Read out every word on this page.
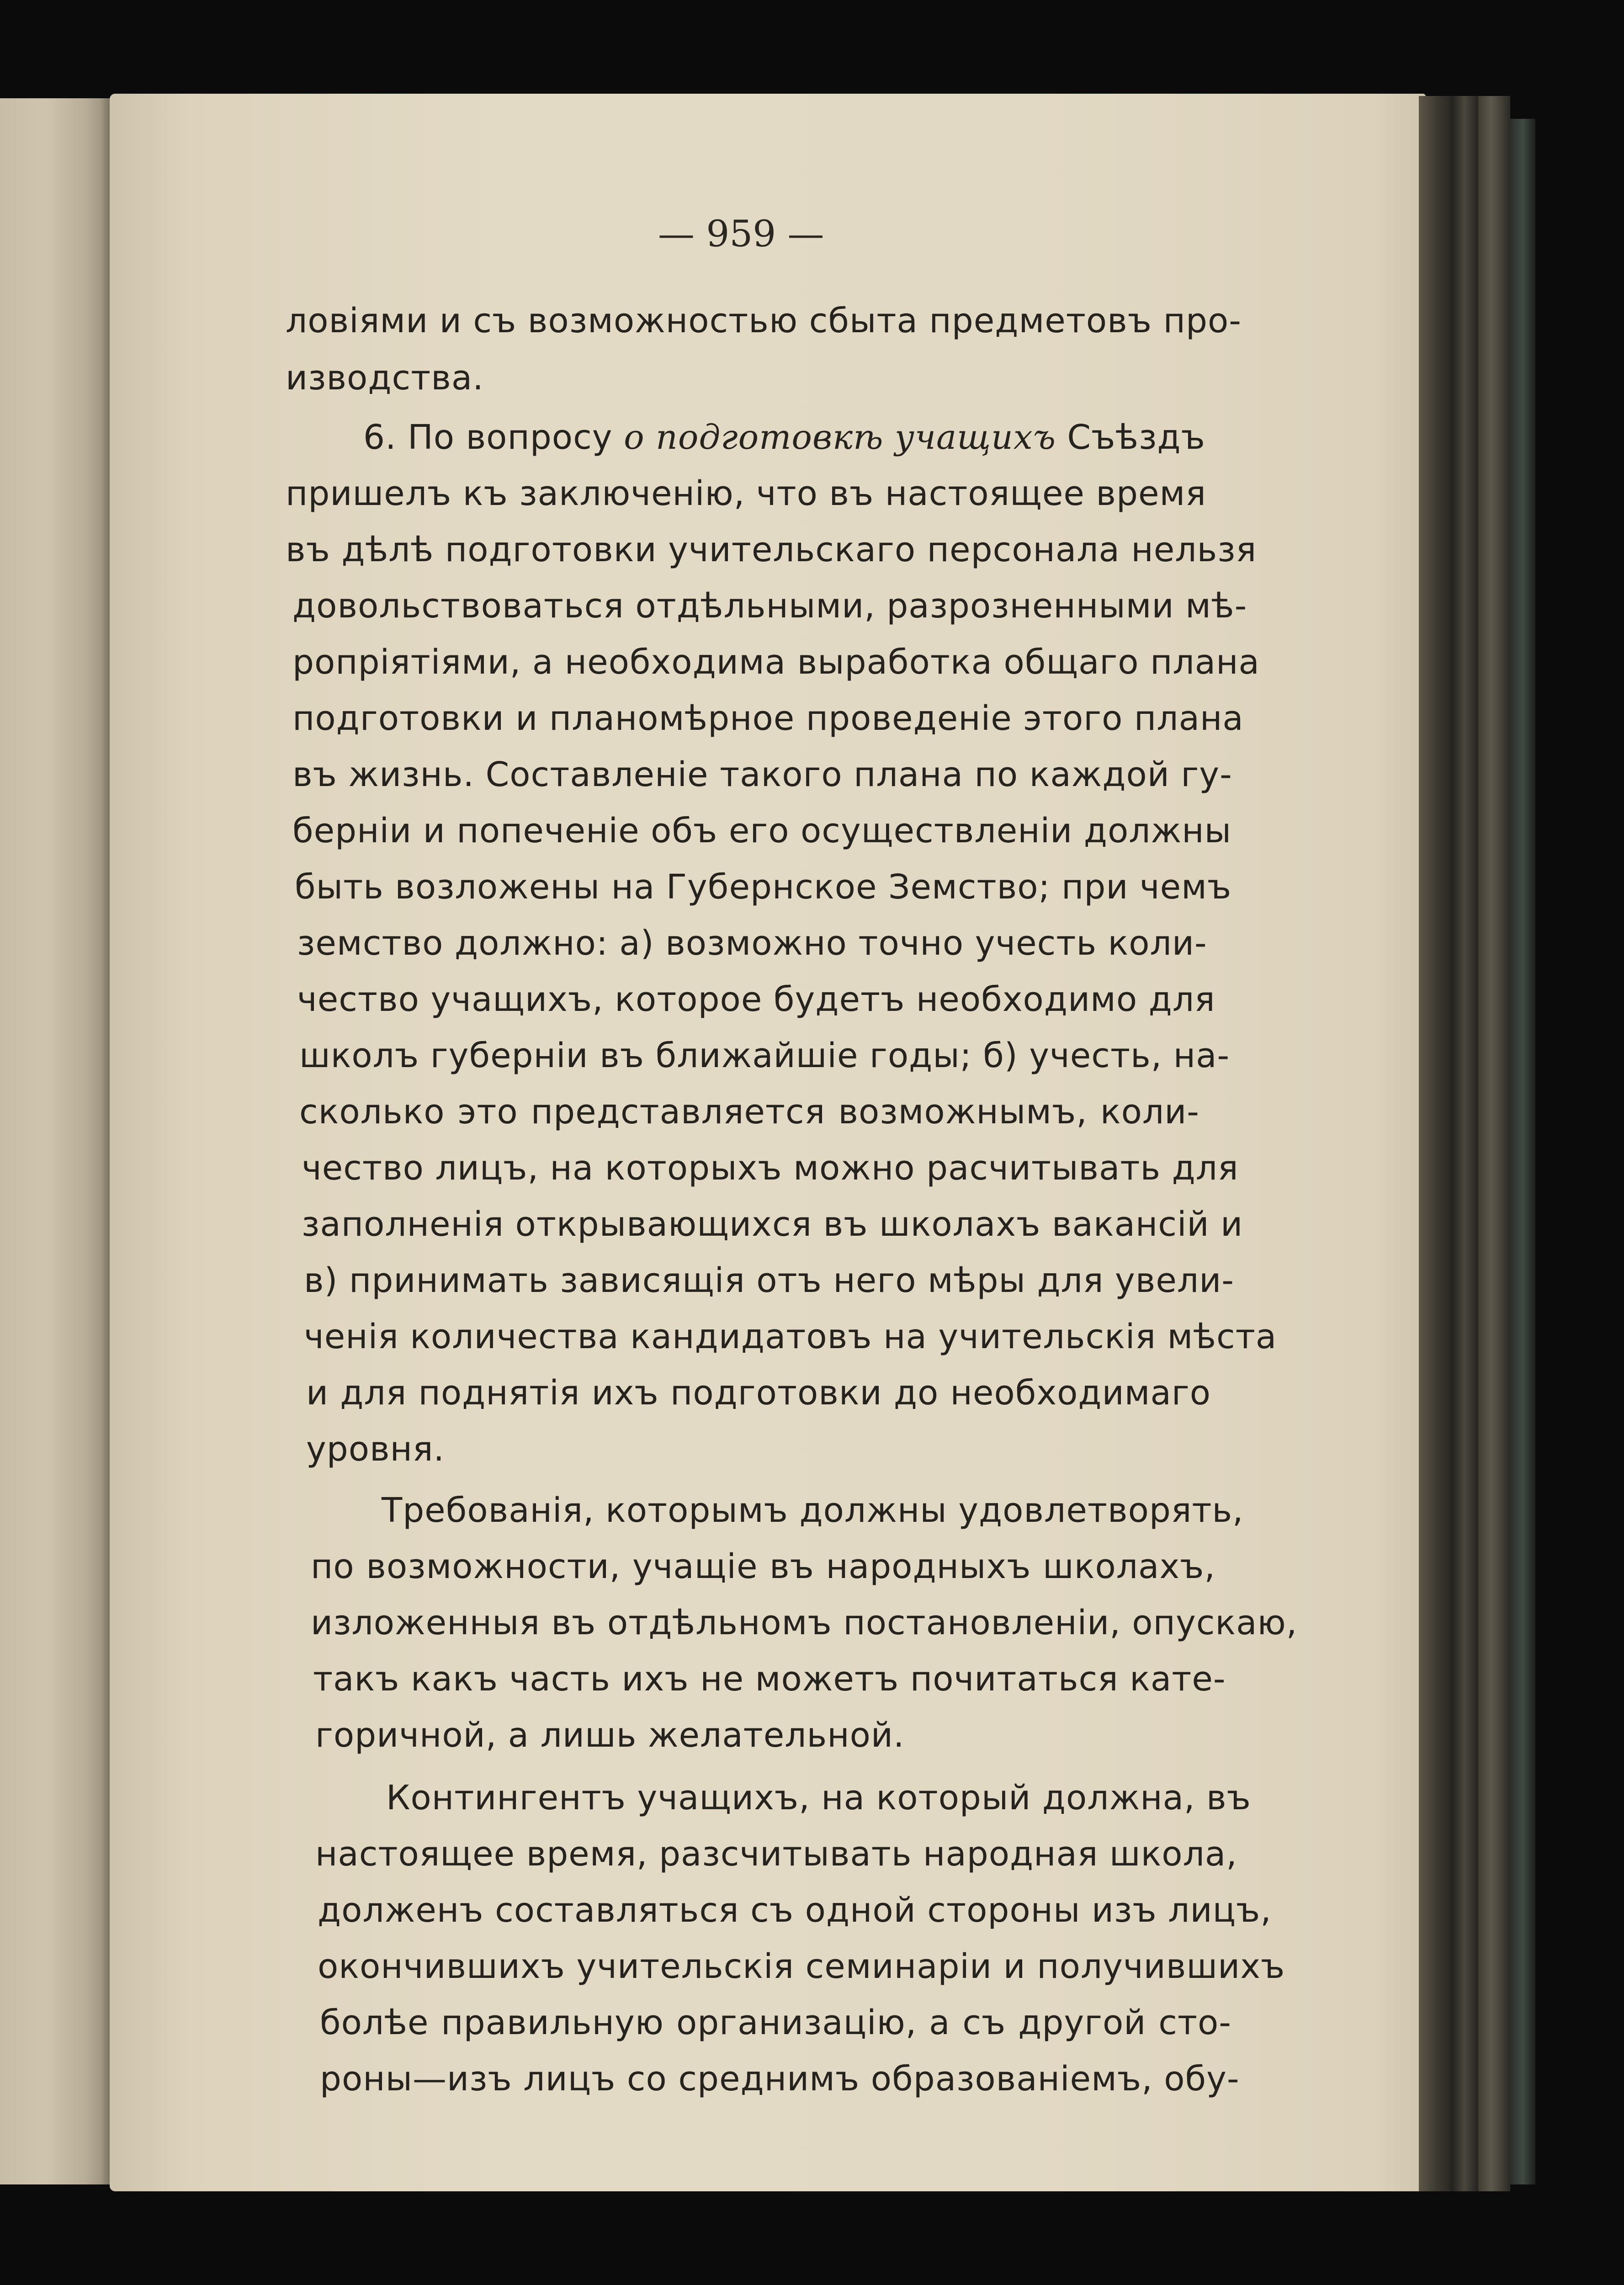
— 959 —
ловіями и съ возможностью сбыта предметовъ про-
изводства.
6. По вопросу о подготовкѣ учащихъ Съѣздъ
пришелъ къ заключенію, что въ настоящее время
въ дѣлѣ подготовки учительскаго персонала нельзя
довольствоваться отдѣльными, разрозненными мѣ-
ропріятіями, а необходима выработка общаго плана
подготовки и планомѣрное проведеніе этого плана
въ жизнь. Составленіе такого плана по каждой гу-
берніи и попеченіе объ его осуществленіи должны
быть возложены на Губернское Земство; при чемъ
земство должно: а) возможно точно учесть коли-
чество учащихъ, которое будетъ необходимо для
школъ губерніи въ ближайшіе годы; б) учесть, на-
сколько это представляется возможнымъ, коли-
чество лицъ, на которыхъ можно расчитывать для
заполненія открывающихся въ школахъ вакансій и
в) принимать зависящія отъ него мѣры для увели-
ченія количества кандидатовъ на учительскія мѣста
и для поднятія ихъ подготовки до необходимаго
уровня.
Требованія, которымъ должны удовлетворять,
по возможности, учащіе въ народныхъ школахъ,
изложенныя въ отдѣльномъ постановленіи, опускаю,
такъ какъ часть ихъ не можетъ почитаться кате-
горичной, а лишь желательной.
Контингентъ учащихъ, на который должна, въ
настоящее время, разсчитывать народная школа,
долженъ составляться съ одной стороны изъ лицъ,
окончившихъ учительскія семинаріи и получившихъ
болѣе правильную организацію, а съ другой сто-
роны—изъ лицъ со среднимъ образованіемъ, обу-
